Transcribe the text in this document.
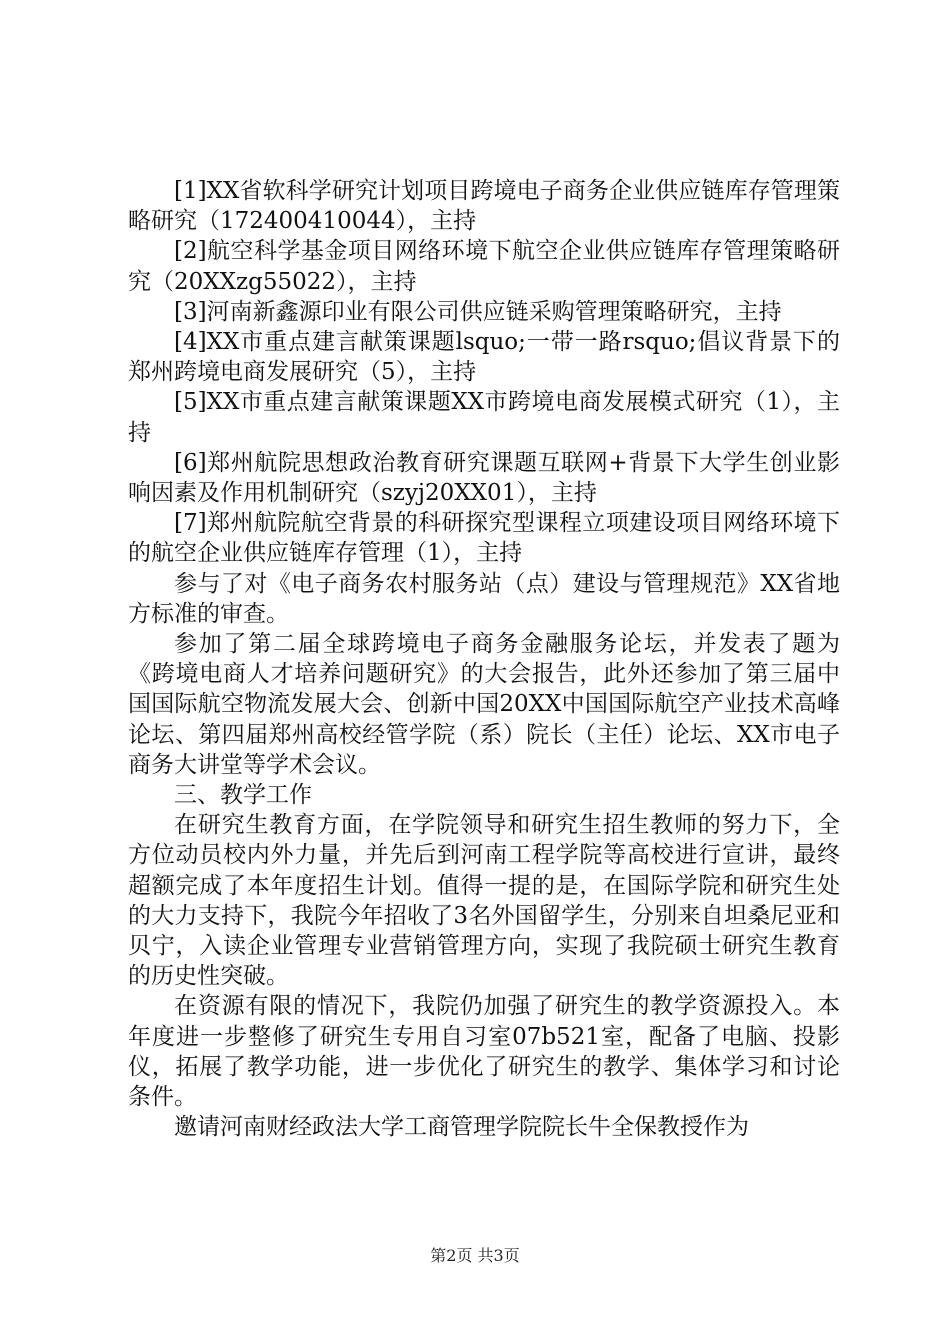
[1]XX省软科学研究计划项目跨境电子商务企业供应链库存管理策略研究（172400410044），主持

[2]航空科学基金项目网络环境下航空企业供应链库存管理策略研究（20XXzg55022），主持

[3]河南新鑫源印业有限公司供应链采购管理策略研究，主持

[4]XX市重点建言献策课题lsquo;一带一路rsquo;倡议背景下的郑州跨境电商发展研究（5），主持

[5]XX市重点建言献策课题XX市跨境电商发展模式研究（1），主持

[6]郑州航院思想政治教育研究课题互联网+背景下大学生创业影响因素及作用机制研究（szyj20XX01），主持

[7]郑州航院航空背景的科研探究型课程立项建设项目网络环境下的航空企业供应链库存管理（1），主持

参与了对《电子商务农村服务站（点）建设与管理规范》XX省地方标准的审查。

参加了第二届全球跨境电子商务金融服务论坛，并发表了题为《跨境电商人才培养问题研究》的大会报告，此外还参加了第三届中国国际航空物流发展大会、创新中国20XX中国国际航空产业技术高峰论坛、第四届郑州高校经管学院（系）院长（主任）论坛、XX市电子商务大讲堂等学术会议。

三、教学工作

在研究生教育方面，在学院领导和研究生招生教师的努力下，全方位动员校内外力量，并先后到河南工程学院等高校进行宣讲，最终超额完成了本年度招生计划。值得一提的是，在国际学院和研究生处的大力支持下，我院今年招收了3名外国留学生，分别来自坦桑尼亚和贝宁，入读企业管理专业营销管理方向，实现了我院硕士研究生教育的历史性突破。

在资源有限的情况下，我院仍加强了研究生的教学资源投入。本年度进一步整修了研究生专用自习室07b521室，配备了电脑、投影仪，拓展了教学功能，进一步优化了研究生的教学、集体学习和讨论条件。

邀请河南财经政法大学工商管理学院院长牛全保教授作为

第2页 共3页
